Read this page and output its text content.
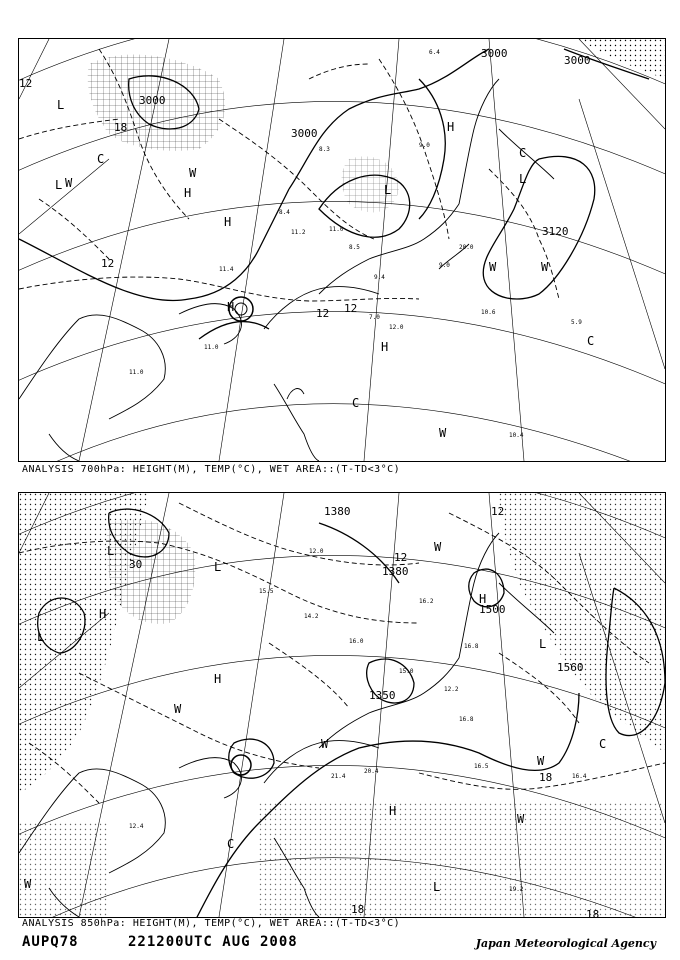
8.4
11.2	11.0
8.5
9.4
9.0
20.0
10.6
5.9
10.4
11.0
11.0
11.4
9.0
6.4
8.3
7.0
12.0
3000
3000
3000
3000
3120
12
18
12
12 12
L
C
L W
H
H
W
L
H
C
L
W	W
H
C
W
C
H
ANALYSIS 700hPa: HEIGHT(M), TEMP(°C), WET AREA::(T-TD<3°C)
15.5
14.2
16.0
15.0
12.2
16.8
16.5
16.4
21.4
20.4
19.2
12.4
16.2
12.0
16.8
1380
1380
1500
1560
1350
12
12
30
18
18	18
L
H
H
W
L
H
L
W
W
C
H
W
C
L
W
L
W
ANALYSIS 850hPa: HEIGHT(M), TEMP(°C), WET AREA::(T-TD<3°C)
AUPQ78	221200UTC AUG 2008	Japan Meteorological Agency
